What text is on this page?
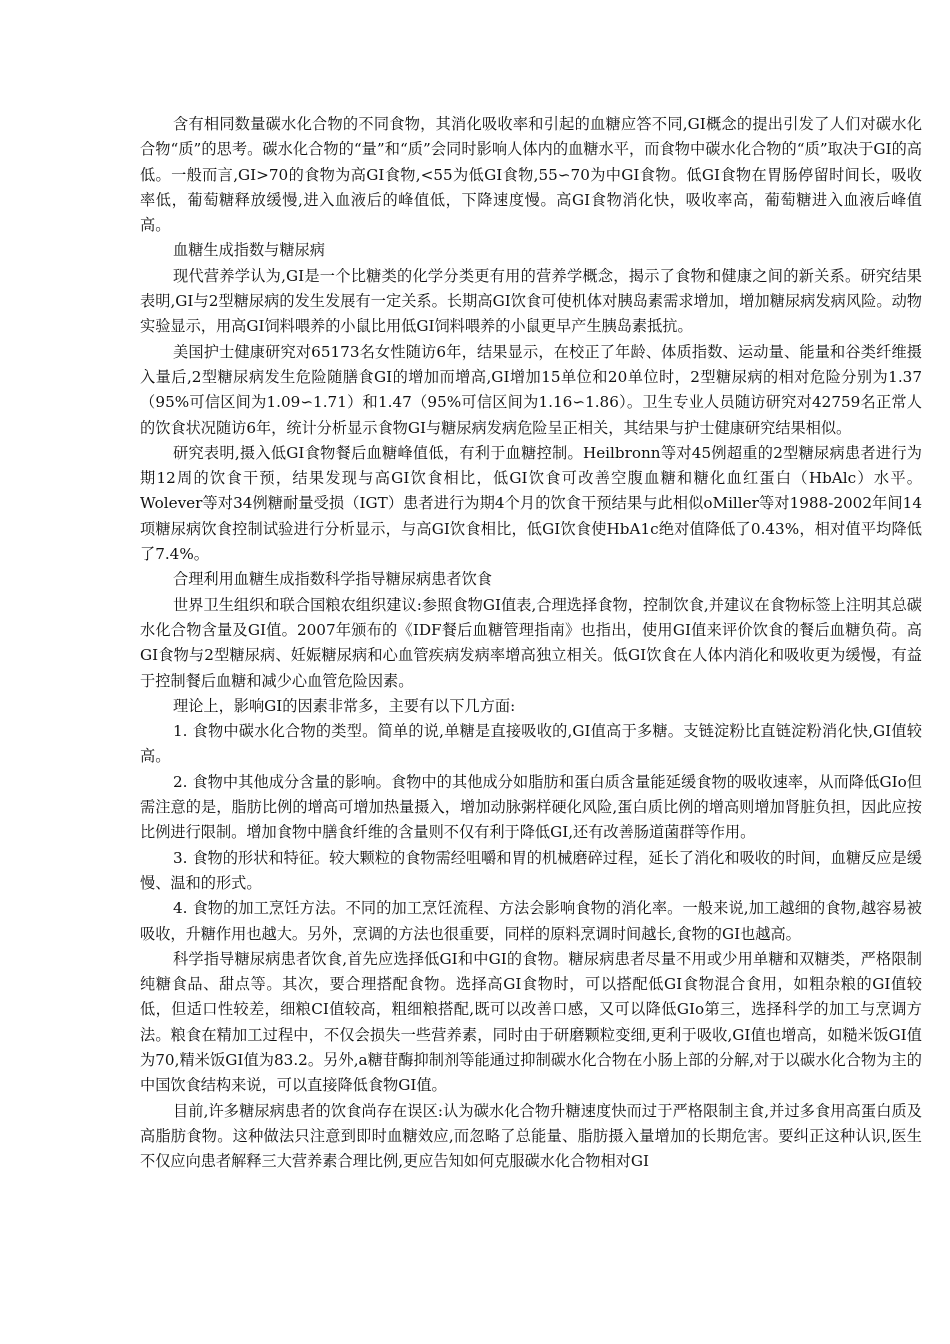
含有相同数量碳水化合物的不同食物，其消化吸收率和引起的血糖应答不同,GI概念的提出引发了人们对碳水化合物“质”的思考。碳水化合物的“量”和“质”会同时影响人体内的血糖水平，而食物中碳水化合物的“质”取决于GI的高低。一般而言,GI>70的食物为高GI食物,<55为低GI食物,55∽70为中GI食物。低GI食物在胃肠停留时间长，吸收率低，葡萄糖释放缓慢,进入血液后的峰值低，下降速度慢。高GI食物消化快，吸收率高，葡萄糖进入血液后峰值高。

血糖生成指数与糖尿病

现代营养学认为,GI是一个比糖类的化学分类更有用的营养学概念，揭示了食物和健康之间的新关系。研究结果表明,GI与2型糖尿病的发生发展有一定关系。长期高GI饮食可使机体对胰岛素需求增加，增加糖尿病发病风险。动物实验显示，用高GI饲料喂养的小鼠比用低GI饲料喂养的小鼠更早产生胰岛素抵抗。

美国护士健康研究对65173名女性随访6年，结果显示，在校正了年龄、体质指数、运动量、能量和谷类纤维摄入量后,2型糖尿病发生危险随膳食GI的增加而增高,GI增加15单位和20单位时，2型糖尿病的相对危险分别为1.37（95%可信区间为1.09∽1.71）和1.47（95%可信区间为1.16∽1.86）。卫生专业人员随访研究对42759名正常人的饮食状况随访6年，统计分析显示食物GI与糖尿病发病危险呈正相关，其结果与护士健康研究结果相似。

研究表明,摄入低GI食物餐后血糖峰值低，有利于血糖控制。Heilbronn等对45例超重的2型糖尿病患者进行为期12周的饮食干预，结果发现与高GI饮食相比，低GI饮食可改善空腹血糖和糖化血红蛋白（HbAlc）水平。Wolever等对34例糖耐量受损（IGT）患者进行为期4个月的饮食干预结果与此相似oMiller等对1988-2002年间14项糖尿病饮食控制试验进行分析显示，与高GI饮食相比，低GI饮食使HbA1c绝对值降低了0.43%，相对值平均降低了7.4%。

合理利用血糖生成指数科学指导糖尿病患者饮食

世界卫生组织和联合国粮农组织建议:参照食物GI值表,合理选择食物，控制饮食,并建议在食物标签上注明其总碳水化合物含量及GI值。2007年颁布的《IDF餐后血糖管理指南》也指出，使用GI值来评价饮食的餐后血糖负荷。高GI食物与2型糖尿病、妊娠糖尿病和心血管疾病发病率增高独立相关。低GI饮食在人体内消化和吸收更为缓慢，有益于控制餐后血糖和减少心血管危险因素。

理论上，影响GI的因素非常多，主要有以下几方面:

1. 食物中碳水化合物的类型。简单的说,单糖是直接吸收的,GI值高于多糖。支链淀粉比直链淀粉消化快,GI值较高。

2. 食物中其他成分含量的影响。食物中的其他成分如脂肪和蛋白质含量能延缓食物的吸收速率，从而降低GIo但需注意的是，脂肪比例的增高可增加热量摄入，增加动脉粥样硬化风险,蛋白质比例的增高则增加肾脏负担，因此应按比例进行限制。增加食物中膳食纤维的含量则不仅有利于降低GI,还有改善肠道菌群等作用。

3. 食物的形状和特征。较大颗粒的食物需经咀嚼和胃的机械磨碎过程，延长了消化和吸收的时间，血糖反应是缓慢、温和的形式。

4. 食物的加工烹饪方法。不同的加工烹饪流程、方法会影响食物的消化率。一般来说,加工越细的食物,越容易被吸收，升糖作用也越大。另外，烹调的方法也很重要，同样的原料烹调时间越长,食物的GI也越高。

科学指导糖尿病患者饮食,首先应选择低GI和中GI的食物。糖尿病患者尽量不用或少用单糖和双糖类，严格限制纯糖食品、甜点等。其次，要合理搭配食物。选择高GI食物时，可以搭配低GI食物混合食用，如粗杂粮的GI值较低，但适口性较差，细粮CI值较高，粗细粮搭配,既可以改善口感，又可以降低GIo第三，选择科学的加工与烹调方法。粮食在精加工过程中，不仅会损失一些营养素，同时由于研磨颗粒变细,更利于吸收,GI值也增高，如糙米饭GI值为70,精米饭GI值为83.2。另外,a糖苷酶抑制剂等能通过抑制碳水化合物在小肠上部的分解,对于以碳水化合物为主的中国饮食结构来说，可以直接降低食物GI值。

目前,许多糖尿病患者的饮食尚存在误区:认为碳水化合物升糖速度快而过于严格限制主食,并过多食用高蛋白质及高脂肪食物。这种做法只注意到即时血糖效应,而忽略了总能量、脂肪摄入量增加的长期危害。要纠正这种认识,医生不仅应向患者解释三大营养素合理比例,更应告知如何克服碳水化合物相对GI
